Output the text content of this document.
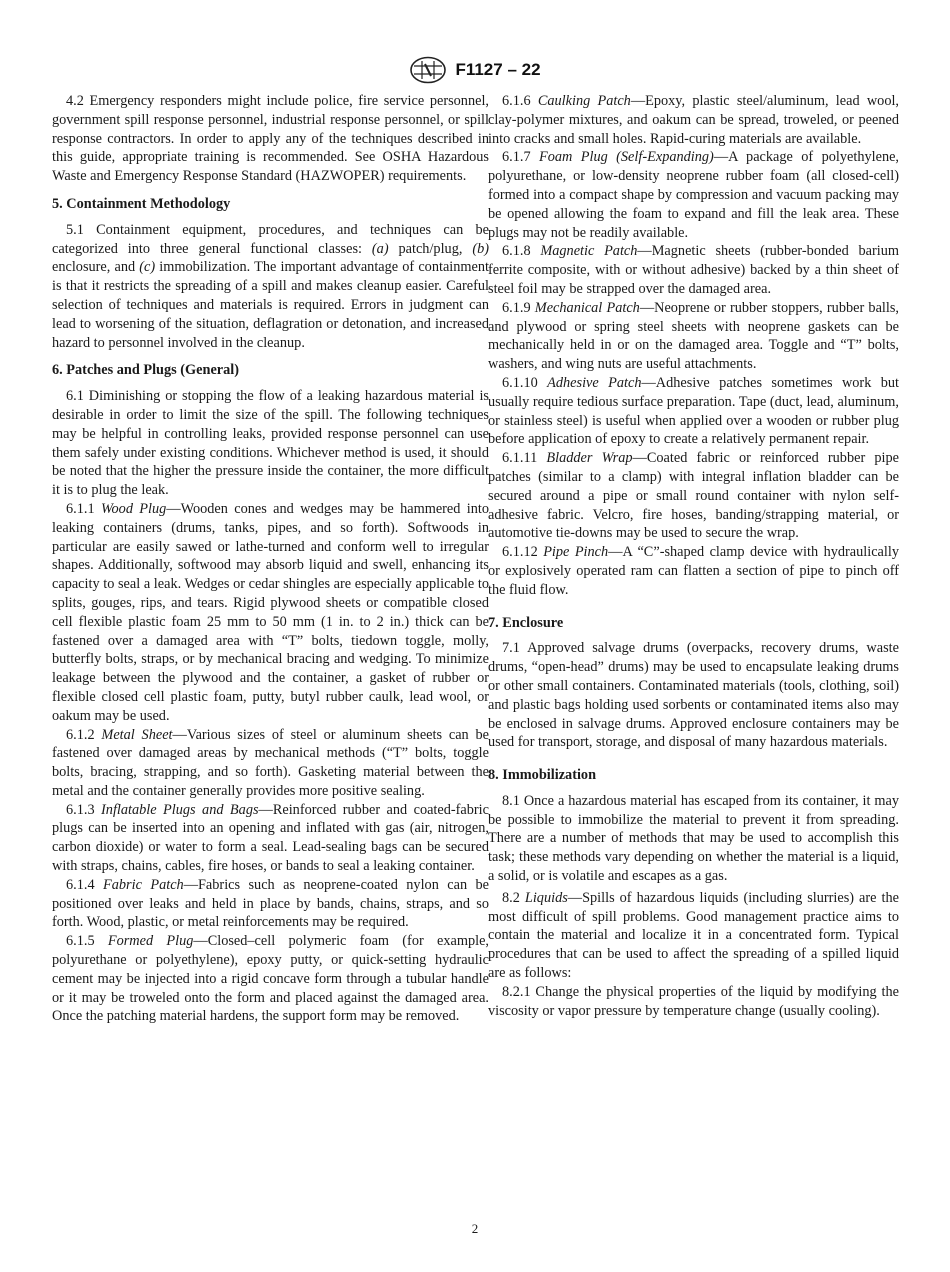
F1127 – 22

4.2 Emergency responders might include police, fire service personnel, government spill response personnel, industrial response personnel, or spill response contractors. In order to apply any of the techniques described in this guide, appropriate training is recommended. See OSHA Hazardous Waste and Emergency Response Standard (HAZWOPER) requirements.

5. Containment Methodology

5.1 Containment equipment, procedures, and techniques can be categorized into three general functional classes: (a) patch/plug, (b) enclosure, and (c) immobilization. The important advantage of containment is that it restricts the spreading of a spill and makes cleanup easier. Careful selection of techniques and materials is required. Errors in judgment can lead to worsening of the situation, deflagration or detonation, and increased hazard to personnel involved in the cleanup.

6. Patches and Plugs (General)

6.1 Diminishing or stopping the flow of a leaking hazardous material is desirable in order to limit the size of the spill. The following techniques may be helpful in controlling leaks, provided response personnel can use them safely under existing conditions. Whichever method is used, it should be noted that the higher the pressure inside the container, the more difficult it is to plug the leak.

6.1.1 Wood Plug—Wooden cones and wedges may be hammered into leaking containers (drums, tanks, pipes, and so forth). Softwoods in particular are easily sawed or lathe-turned and conform well to irregular shapes. Additionally, softwood may absorb liquid and swell, enhancing its capacity to seal a leak. Wedges or cedar shingles are especially applicable to splits, gouges, rips, and tears. Rigid plywood sheets or compatible closed cell flexible plastic foam 25 mm to 50 mm (1 in. to 2 in.) thick can be fastened over a damaged area with “T” bolts, tiedown toggle, molly, butterfly bolts, straps, or by mechanical bracing and wedging. To minimize leakage between the plywood and the container, a gasket of rubber or flexible closed cell plastic foam, putty, butyl rubber caulk, lead wool, or oakum may be used.

6.1.2 Metal Sheet—Various sizes of steel or aluminum sheets can be fastened over damaged areas by mechanical methods (“T” bolts, toggle bolts, bracing, strapping, and so forth). Gasketing material between the metal and the container generally provides more positive sealing.

6.1.3 Inflatable Plugs and Bags—Reinforced rubber and coated-fabric plugs can be inserted into an opening and inflated with gas (air, nitrogen, carbon dioxide) or water to form a seal. Lead-sealing bags can be secured with straps, chains, cables, fire hoses, or bands to seal a leaking container.

6.1.4 Fabric Patch—Fabrics such as neoprene-coated nylon can be positioned over leaks and held in place by bands, chains, straps, and so forth. Wood, plastic, or metal reinforcements may be required.

6.1.5 Formed Plug—Closed–cell polymeric foam (for example, polyurethane or polyethylene), epoxy putty, or quick-setting hydraulic cement may be injected into a rigid concave form through a tubular handle or it may be troweled onto the form and placed against the damaged area. Once the patching material hardens, the support form may be removed.

6.1.6 Caulking Patch—Epoxy, plastic steel/aluminum, lead wool, clay-polymer mixtures, and oakum can be spread, troweled, or peened into cracks and small holes. Rapid-curing materials are available.

6.1.7 Foam Plug (Self-Expanding)—A package of polyethylene, polyurethane, or low-density neoprene rubber foam (all closed-cell) formed into a compact shape by compression and vacuum packing may be opened allowing the foam to expand and fill the leak area. These plugs may not be readily available.

6.1.8 Magnetic Patch—Magnetic sheets (rubber-bonded barium ferrite composite, with or without adhesive) backed by a thin sheet of steel foil may be strapped over the damaged area.

6.1.9 Mechanical Patch—Neoprene or rubber stoppers, rubber balls, and plywood or spring steel sheets with neoprene gaskets can be mechanically held in or on the damaged area. Toggle and “T” bolts, washers, and wing nuts are useful attachments.

6.1.10 Adhesive Patch—Adhesive patches sometimes work but usually require tedious surface preparation. Tape (duct, lead, aluminum, or stainless steel) is useful when applied over a wooden or rubber plug before application of epoxy to create a relatively permanent repair.

6.1.11 Bladder Wrap—Coated fabric or reinforced rubber pipe patches (similar to a clamp) with integral inflation bladder can be secured around a pipe or small round container with nylon self-adhesive fabric. Velcro, fire hoses, banding/strapping material, or automotive tie-downs may be used to secure the wrap.

6.1.12 Pipe Pinch—A “C”-shaped clamp device with hydraulically or explosively operated ram can flatten a section of pipe to pinch off the fluid flow.

7. Enclosure

7.1 Approved salvage drums (overpacks, recovery drums, waste drums, “open-head” drums) may be used to encapsulate leaking drums or other small containers. Contaminated materials (tools, clothing, soil) and plastic bags holding used sorbents or contaminated items also may be enclosed in salvage drums. Approved enclosure containers may be used for transport, storage, and disposal of many hazardous materials.

8. Immobilization

8.1 Once a hazardous material has escaped from its container, it may be possible to immobilize the material to prevent it from spreading. There are a number of methods that may be used to accomplish this task; these methods vary depending on whether the material is a liquid, a solid, or is volatile and escapes as a gas.

8.2 Liquids—Spills of hazardous liquids (including slurries) are the most difficult of spill problems. Good management practice aims to contain the material and localize it in a concentrated form. Typical procedures that can be used to affect the spreading of a spilled liquid are as follows:

8.2.1 Change the physical properties of the liquid by modifying the viscosity or vapor pressure by temperature change (usually cooling).

2
